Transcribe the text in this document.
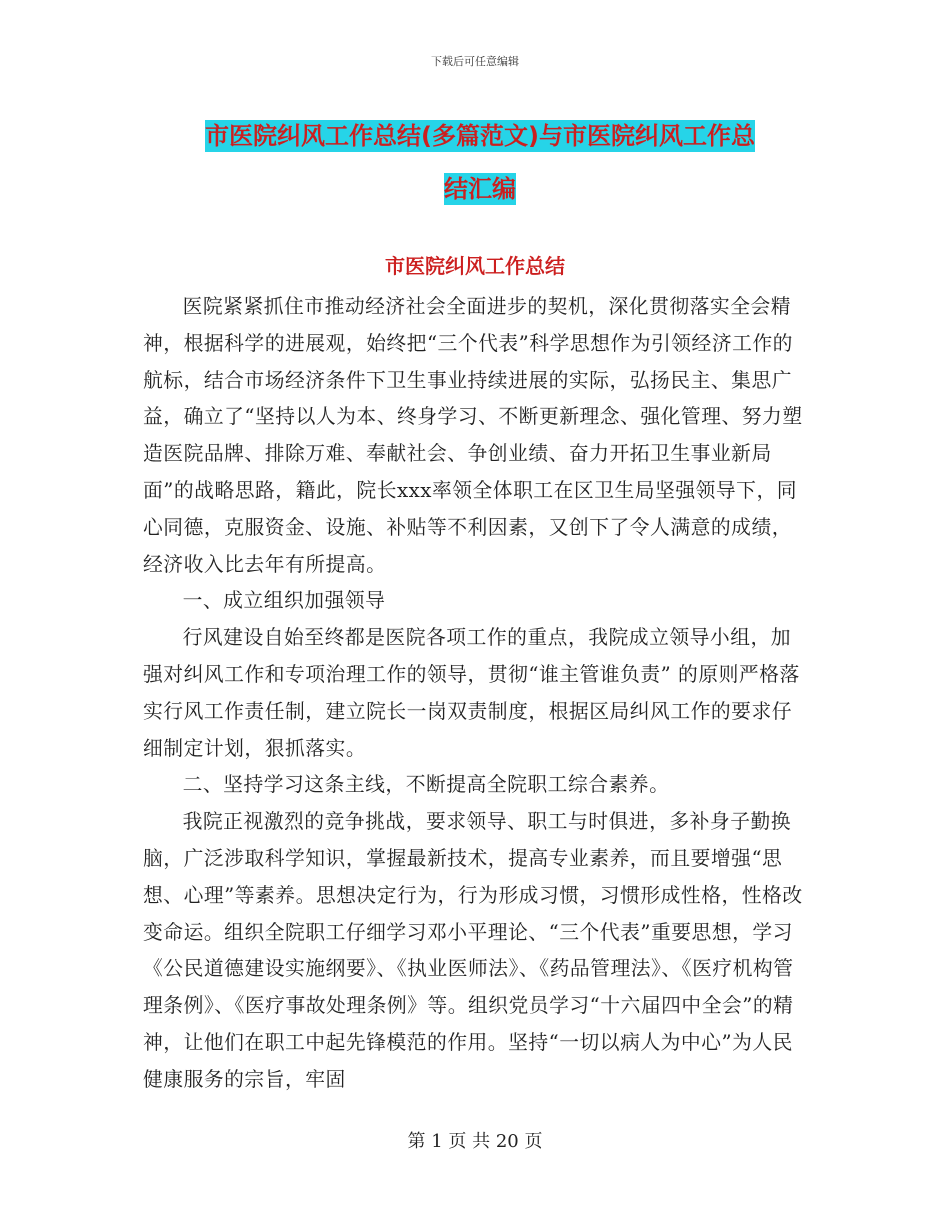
下载后可任意编辑
市医院纠风工作总结(多篇范文)与市医院纠风工作总
结汇编
市医院纠风工作总结

医院紧紧抓住市推动经济社会全面进步的契机，深化贯彻落实全会精神，根据科学的进展观，始终把“三个代表”科学思想作为引领经济工作的航标，结合市场经济条件下卫生事业持续进展的实际，弘扬民主、集思广益，确立了“坚持以人为本、终身学习、不断更新理念、强化管理、努力塑造医院品牌、排除万难、奉献社会、争创业绩、奋力开拓卫生事业新局面”的战略思路，籍此，院长xxx率领全体职工在区卫生局坚强领导下，同心同德，克服资金、设施、补贴等不利因素，又创下了令人满意的成绩，经济收入比去年有所提高。

一、成立组织加强领导

行风建设自始至终都是医院各项工作的重点，我院成立领导小组，加强对纠风工作和专项治理工作的领导，贯彻“谁主管谁负责” 的原则严格落实行风工作责任制，建立院长一岗双责制度，根据区局纠风工作的要求仔细制定计划，狠抓落实。

二、坚持学习这条主线，不断提高全院职工综合素养。

我院正视激烈的竞争挑战，要求领导、职工与时俱进，多补身子勤换脑，广泛涉取科学知识，掌握最新技术，提高专业素养，而且要增强“思想、心理”等素养。思想决定行为，行为形成习惯，习惯形成性格，性格改变命运。组织全院职工仔细学习邓小平理论、“三个代表”重要思想，学习《公民道德建设实施纲要》、《执业医师法》、《药品管理法》、《医疗机构管理条例》、《医疗事故处理条例》等。组织党员学习“十六届四中全会”的精神，让他们在职工中起先锋模范的作用。坚持“一切以病人为中心”为人民健康服务的宗旨，牢固

第 1 页 共 20 页
